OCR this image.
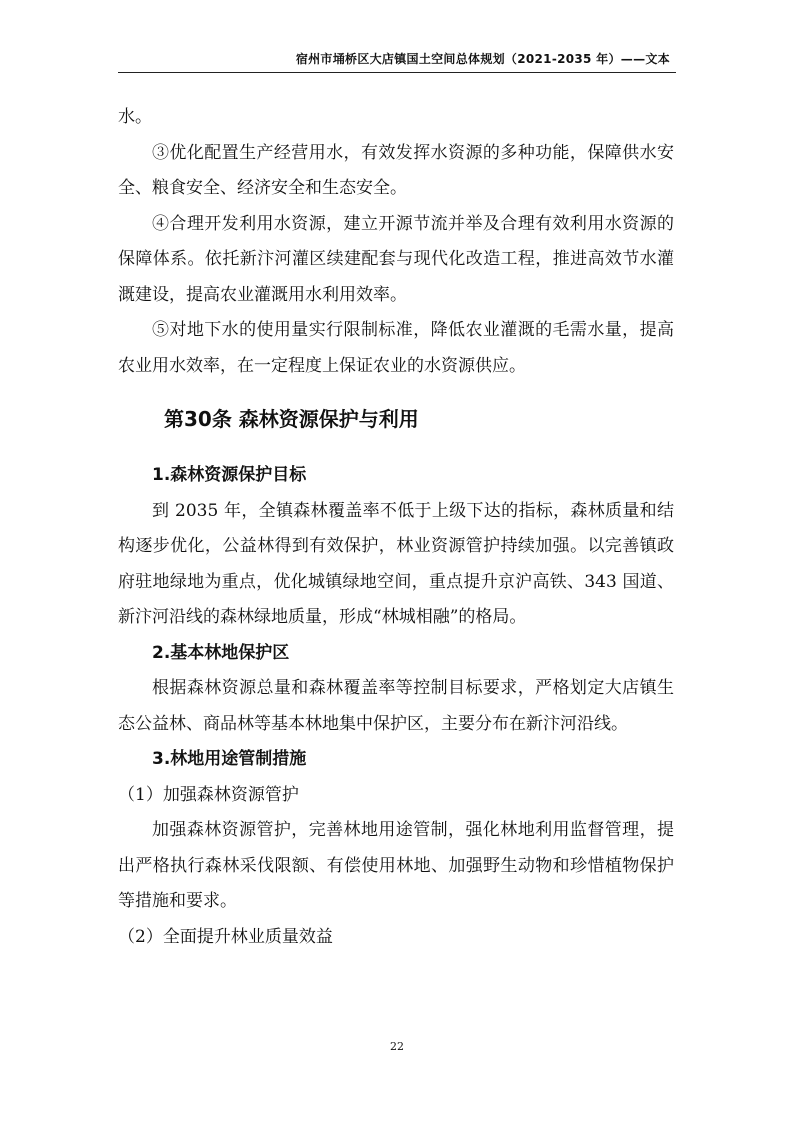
宿州市埇桥区大店镇国土空间总体规划（2021-2035 年）——文本

水。

③优化配置生产经营用水，有效发挥水资源的多种功能，保障供水安全、粮食安全、经济安全和生态安全。

④合理开发利用水资源，建立开源节流并举及合理有效利用水资源的保障体系。依托新汴河灌区续建配套与现代化改造工程，推进高效节水灌溉建设，提高农业灌溉用水利用效率。

⑤对地下水的使用量实行限制标准，降低农业灌溉的毛需水量，提高农业用水效率，在一定程度上保证农业的水资源供应。

第30条 森林资源保护与利用
1.森林资源保护目标

到 2035 年，全镇森林覆盖率不低于上级下达的指标，森林质量和结构逐步优化，公益林得到有效保护，林业资源管护持续加强。以完善镇政府驻地绿地为重点，优化城镇绿地空间，重点提升京沪高铁、343 国道、新汴河沿线的森林绿地质量，形成“林城相融”的格局。

2.基本林地保护区

根据森林资源总量和森林覆盖率等控制目标要求，严格划定大店镇生态公益林、商品林等基本林地集中保护区，主要分布在新汴河沿线。

3.林地用途管制措施

（1）加强森林资源管护

加强森林资源管护，完善林地用途管制，强化林地利用监督管理，提出严格执行森林采伐限额、有偿使用林地、加强野生动物和珍惜植物保护等措施和要求。

（2）全面提升林业质量效益

22
